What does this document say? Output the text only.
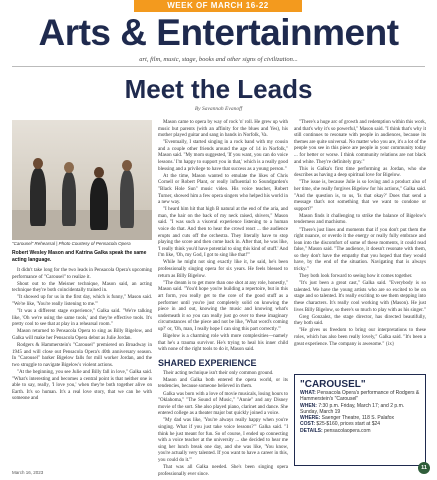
WEEK OF MARCH 16-22
Arts & Entertainment
art, film, music, stage, books and other signs of civilization...
Meet the Leads
By Savannah Evanoff
"Carousel" Rehearsal | Photo Courtesy of Pensacola Opera
Robert Wesley Mason and Katrina Galka speak the same acting language.

It didn't take long for the two leads in Pensacola Opera's upcoming performance of "Carousel" to realize it.

Shout out to the Meisner technique, Mason said, an acting technique they're both coincidentally trained in.

"It showed up for us in the first day, which is funny," Mason said. "We're like, 'You're really listening to me.'"

"It was a different stage experience," Galka said. "We're talking like, 'Oh we're using the same tools,' and they're effective tools. It's pretty cool to see that at play in a rehearsal room."

Mason returned to Pensacola Opera to sing as Billy Bigelow, and Galka will make her Pensacola Opera debut as Julie Jordan.

Rodgers & Hammerstein's "Carousel" premiered on Broadway in 1945 and will close out Pensacola Opera's 40th anniversary season. In "Carousel" barker Bigelow falls for mill worker Jordan, and the two struggle to navigate Bigelow's violent actions.

"At the beginning, you see Julie and Billy fall in love," Galka said. "What's interesting and becomes a central point is that neither one is able to say, really, 'I love you,' when they're both together alive on Earth. It's so human. It's a real love story, that we can be with someone and

Mason came to opera by way of rock 'n' roll. He grew up with music but parents (with an affinity for the blues and Yes), his mother played guitar and sang in bands in Norfolk, Va.

"Eventually, I started singing in a rock band with my cousin and a couple other friends around the age of 14 in Norfolk," Mason said. "My mom suggested, 'If you want, you can do voice lessons.' I'm happy to support you in that,' which is a really good blessing and a privilege to have that success as a young person."

At the time, Mason wanted to emulate the likes of Chris Cornell or Robert Plant, or really influential to Soundgarden's "Black Hole Sun" music video. His voice teacher, Robert Turner, showed him a few opera singers who helped his world in a new way.

"I heard him hit that high B natural at the end of the aria, and man, the hair on the back of my neck raised, shivers," Mason said. "I was such a visceral experience listening to a human voice do that. And then to hear the crowd react ... the audience erupts and cuts off the orchestra. They literally have to stop playing the score and then come back in. After that, he was like, 'I really think you'd have potential to sing this kind of stuff.' And I'm like, 'Oh, my God, I got to sing like that!'"

While he might not sing exactly like it, he said, he's been professionally singing opera for six years. He feels blessed to return as Billy Bigelow.

"The dream is to get more than one shot at any role, honestly," Mason said. "You'd hope you're building a repertoire, but in this art form, you really get to the core of the good stuff as a performer until you're just completely solid on knowing the piece in and out, knowing the music and knowing what's underneath it so you can really just go over to these imaginary circumstances of the piece and not be like, 'What word's coming up?' or, 'Oh, man, I really hope I can sing this part correctly.'"

Bigelow is a charming role with more complexities—namely that he's a trauma survivor. He's trying to heal his inner child with none of the right tools to do it, Mason said.

SHARED EXPERIENCE

Their acting technique isn't their only common ground.

Mason and Galka both entered the opera world, or its tendencies, because someone believed in them.

Galka was born with a love of movie musicals, losing hours to "Oklahoma," "The Sound of Music," "Annie" and any Disney movie of the sort. She also played piano, clarinet and dance. She entered college as a theater major but quickly joined a voice.

"My dad was like, 'You're always really happy when you're singing. What if you just take voice lessons?'" Galka said. "I think he just meant for fun. So of course, I ended up connecting with a voice teacher at the university ... she decided to hear me sing her lunch break one day, and she was like, 'You know, you're actually very talented. If you want to have a career in this, you could do it.'"

That was all Galka needed. She's been singing opera professionally ever since.

"There's a huge arc of growth and redemption within this work, and that's why it's so powerful," Mason said. "I think that's why it still continues to resonate with people in audiences, because its themes are quite universal. No matter who you are, it's a lot of the people you see in this piece are people in your community today ... for better or worse. I think community relations are not black and white. They're definitely gray."

This is Galka's first time performing as Jordan, who she describes as having a deep spiritual love for Bigelow.

"The issue is, because Julie is so loving and a product also of her time, she really forgives Bigelow for his actions," Galka said. "And the question is, to us, 'Is that okay?' Does that send a message that's not something that we want to condone or support?"

Mason finds it challenging to strike the balance of Bigelow's tenderness and machismo.

"There's just lines and moments that if you don't put them the right nuance, or overdo it the energy or really fully embrace and lean into the discomfort of some of these moments, it could read false," Mason said. "The audience, it doesn't resonate with them, so they don't have the empathy that you hoped that they would have, by the end of the situation. Navigating that is always tricky."

They both look forward to seeing how it comes together.

"It's just been a great cast," Galka said. "Everybody is so talented. We have the young artists who are so excited to be on stage and so talented. It's really exciting to see them stepping into these characters. It's really cool working with (Mason). He just lives Billy Bigelow, so there's so much to play with as his singer."

Greg Gonzalez, the stage director, has directed beautifully, they both said.

"He gives us freedom to bring our interpretations to these roles, which has also been really lovely," Galka said. "It's been a great experience. The company is awesome." {ix}

"CAROUSEL"
WHAT: Pensacola Opera's performance of Rodgers & Hammerstein's "Carousel"
WHEN: 7:30 p.m. Friday, March 17; and 2 p.m. Sunday, March 19
WHERE: Saenger Theatre, 118 S. Palafox
COST: $25-$160, prices start at $24
DETAILS: pensacolaopera.com
March 16, 2023
11
